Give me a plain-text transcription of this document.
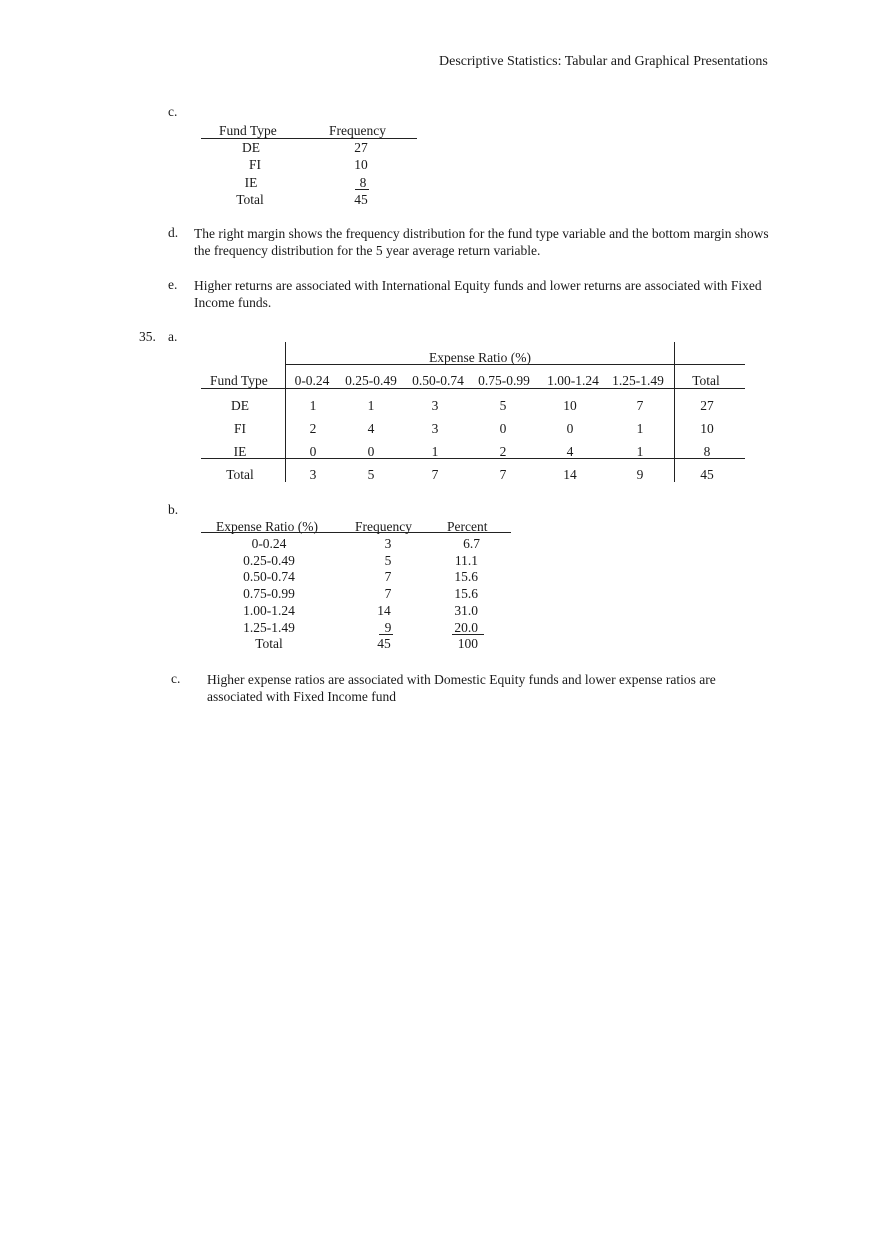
Descriptive Statistics: Tabular and Graphical Presentations
c.
Fund Type	Frequency
DE	27
FI	10
IE	8
Total	45
d. The right margin shows the frequency distribution for the fund type variable and the bottom margin shows the frequency distribution for the 5 year average return variable.
e. Higher returns are associated with International Equity funds and lower returns are associated with Fixed Income funds.
35. a.
Expense Ratio (%)
Fund Type	0-0.24	0.25-0.49	0.50-0.74	0.75-0.99	1.00-1.24 1.25-1.49	Total
DE	1	1	3	5	10	7	27
FI	2	4	3	0	0	1	10
IE	0	0	1	2	4	1	8
Total	3	5	7	7	14	9	45
b.
Expense Ratio (%)	Frequency	Percent
0-0.24	3	6.7
0.25-0.49	5	11.1
0.50-0.74	7	15.6
0.75-0.99	7	15.6
1.00-1.24	14	31.0
1.25-1.49	9	20.0
Total	45	100
c. Higher expense ratios are associated with Domestic Equity funds and lower expense ratios are associated with Fixed Income fund
